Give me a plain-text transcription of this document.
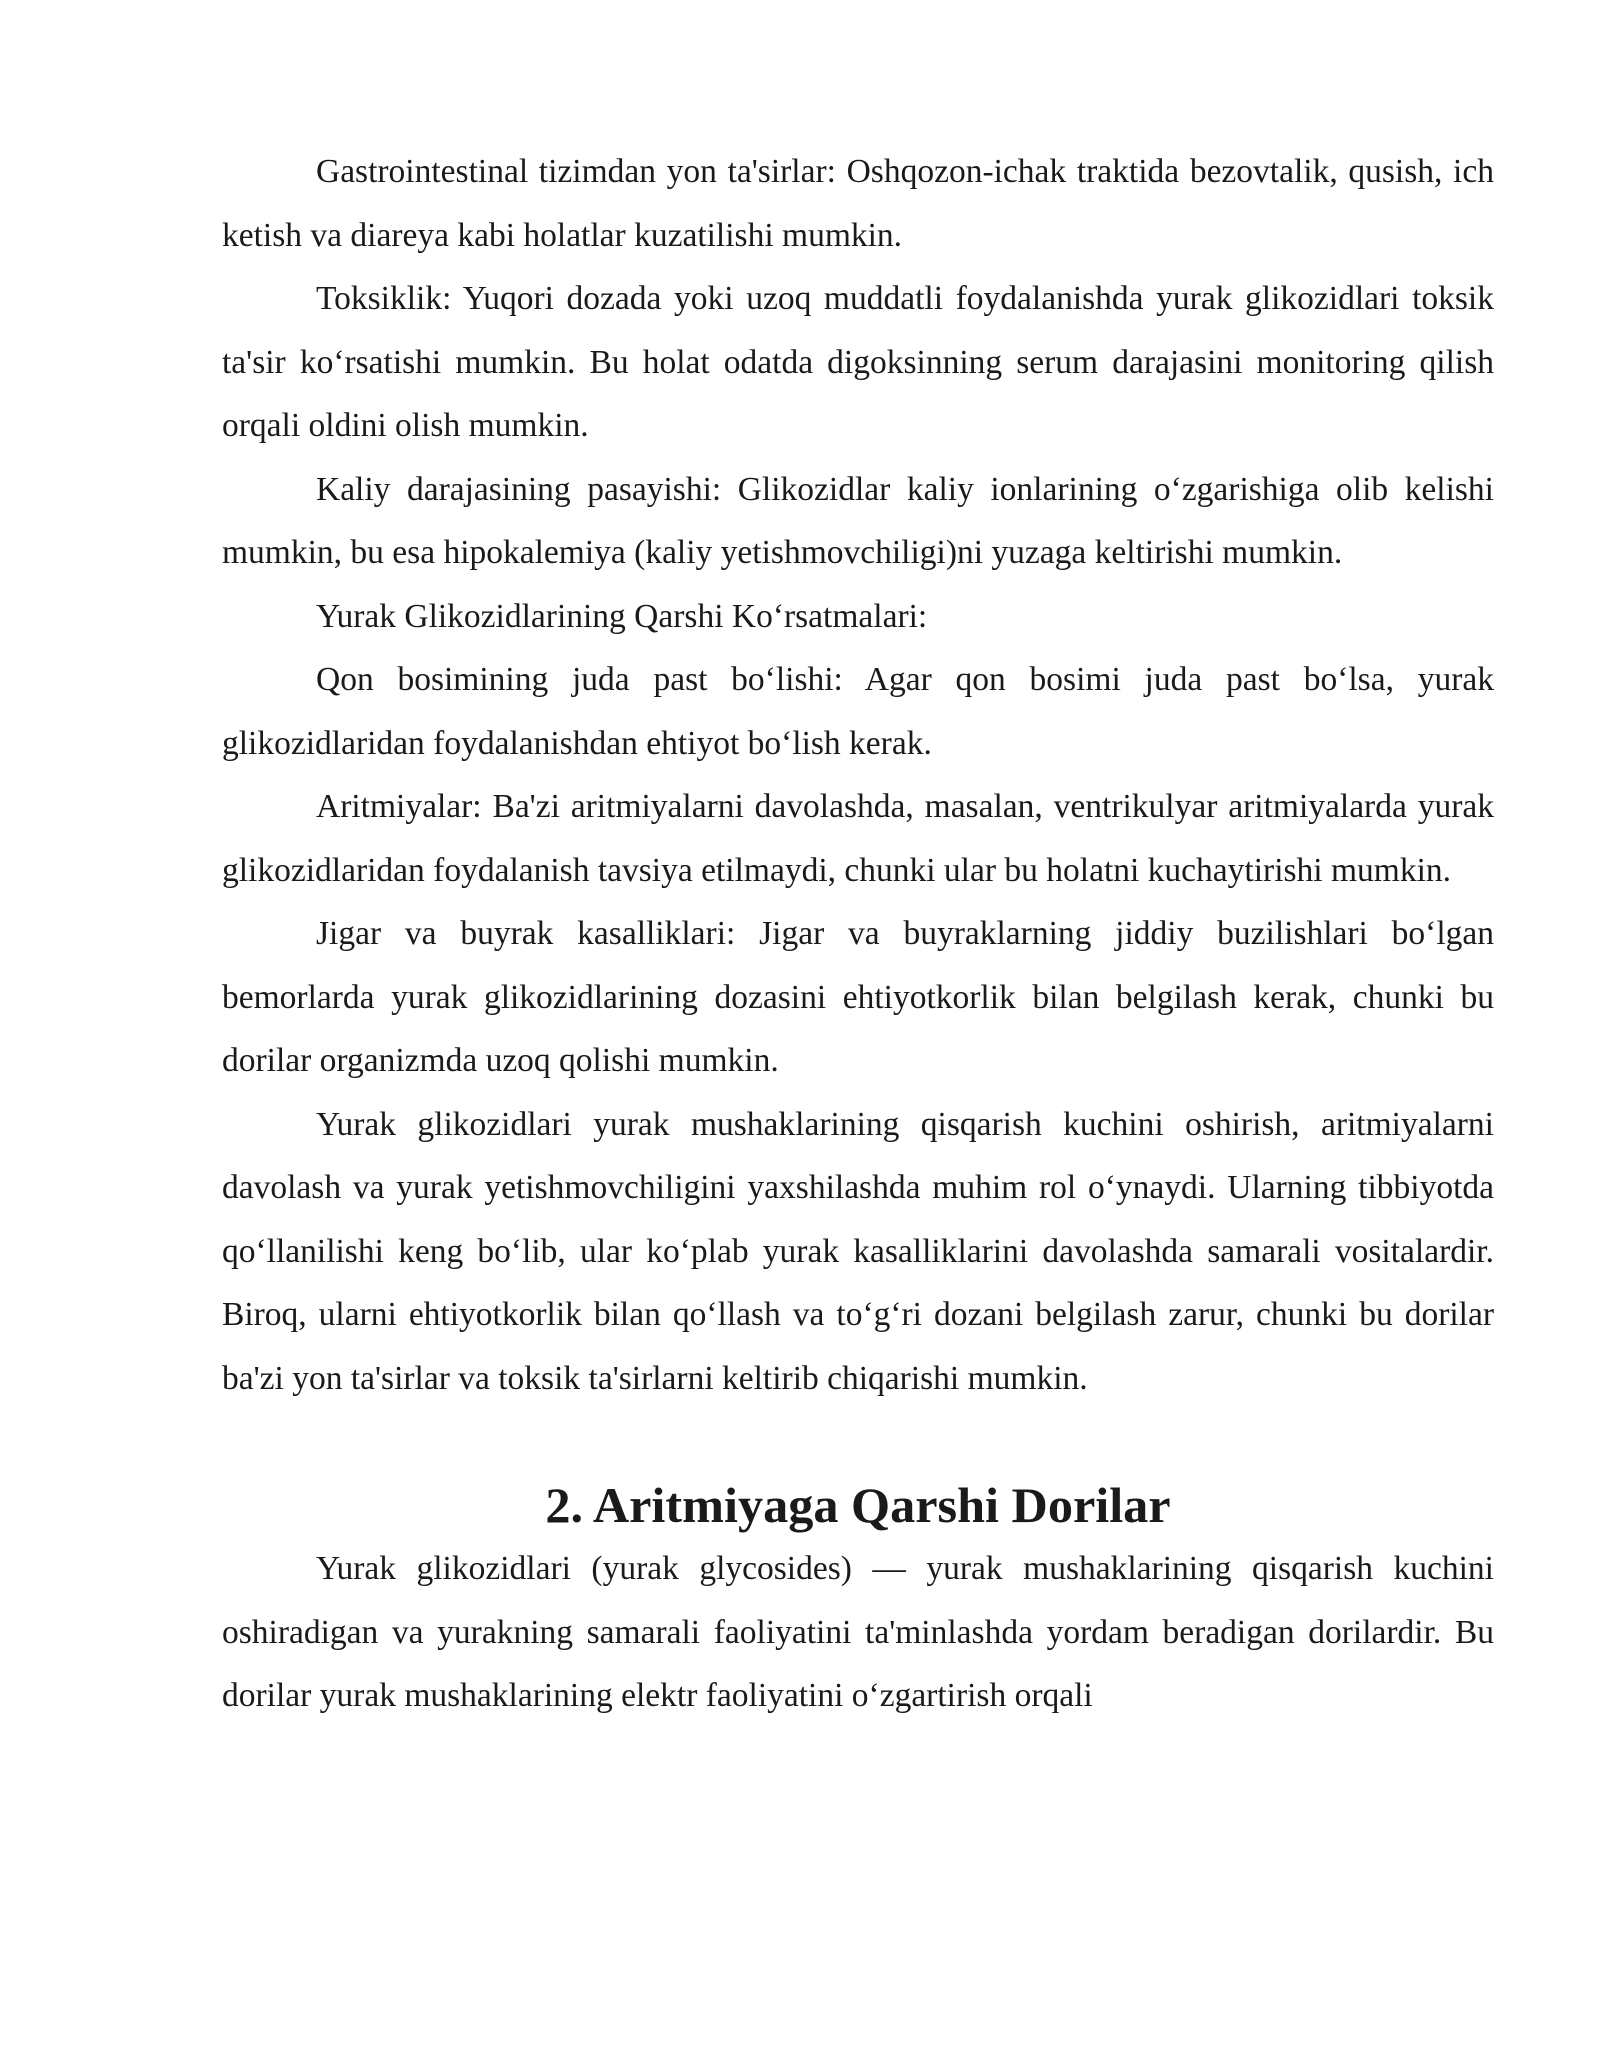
Gastrointestinal tizimdan yon ta'sirlar: Oshqozon-ichak traktida bezovtalik, qusish, ich ketish va diareya kabi holatlar kuzatilishi mumkin.

Toksiklik: Yuqori dozada yoki uzoq muddatli foydalanishda yurak glikozidlari toksik ta'sir koʻrsatishi mumkin. Bu holat odatda digoksinning serum darajasini monitoring qilish orqali oldini olish mumkin.

Kaliy darajasining pasayishi: Glikozidlar kaliy ionlarining oʻzgarishiga olib kelishi mumkin, bu esa hipokalemiya (kaliy yetishmovchiligi)ni yuzaga keltirishi mumkin.

Yurak Glikozidlarining Qarshi Koʻrsatmalari:

Qon bosimining juda past boʻlishi: Agar qon bosimi juda past boʻlsa, yurak glikozidlaridan foydalanishdan ehtiyot boʻlish kerak.

Aritmiyalar: Ba'zi aritmiyalarni davolashda, masalan, ventrikulyar aritmiyalarda yurak glikozidlaridan foydalanish tavsiya etilmaydi, chunki ular bu holatni kuchaytirishi mumkin.

Jigar va buyrak kasalliklari: Jigar va buyraklarning jiddiy buzilishlari boʻlgan bemorlarda yurak glikozidlarining dozasini ehtiyotkorlik bilan belgilash kerak, chunki bu dorilar organizmda uzoq qolishi mumkin.

Yurak glikozidlari yurak mushaklarining qisqarish kuchini oshirish, aritmiyalarni davolash va yurak yetishmovchiligini yaxshilashda muhim rol oʻynaydi. Ularning tibbiyotda qoʻllanilishi keng boʻlib, ular koʻplab yurak kasalliklarini davolashda samarali vositalardir. Biroq, ularni ehtiyotkorlik bilan qoʻllash va toʻgʻri dozani belgilash zarur, chunki bu dorilar ba'zi yon ta'sirlar va toksik ta'sirlarni keltirib chiqarishi mumkin.

2. Aritmiyaga Qarshi Dorilar

Yurak glikozidlari (yurak glycosides) — yurak mushaklarining qisqarish kuchini oshiradigan va yurakning samarali faoliyatini ta'minlashda yordam beradigan dorilardir. Bu dorilar yurak mushaklarining elektr faoliyatini oʻzgartirish orqali
